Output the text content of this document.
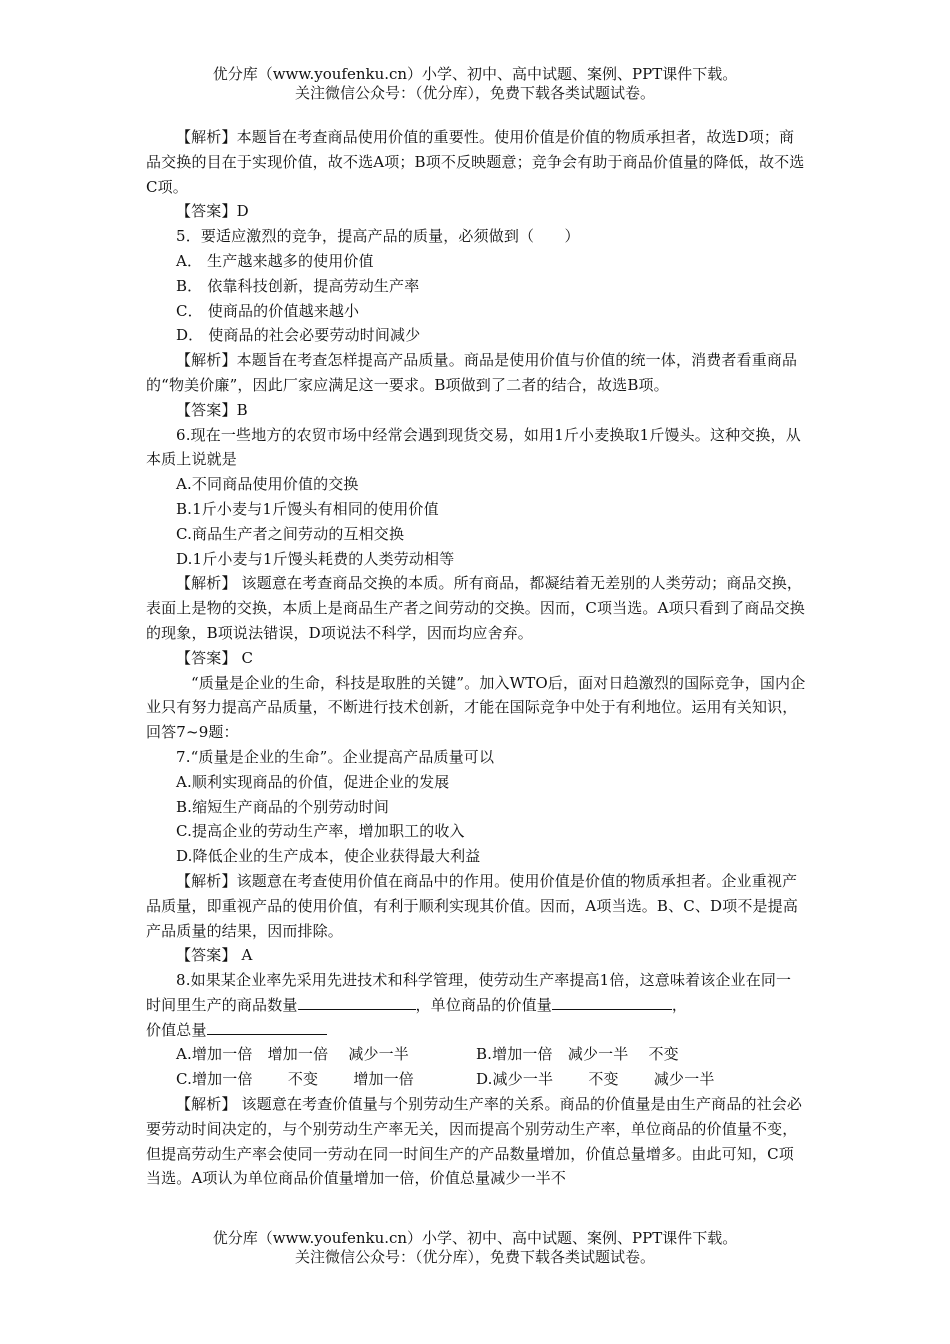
优分库（www.youfenku.cn）小学、初中、高中试题、案例、PPT课件下载。
关注微信公众号：（优分库），免费下载各类试题试卷。

【解析】本题旨在考查商品使用价值的重要性。使用价值是价值的物质承担者，故选D项；商品交换的目在于实现价值，故不选A项；B项不反映题意；竞争会有助于商品价值量的降低，故不选C项。

【答案】D

5．要适应激烈的竞争，提高产品的质量，必须做到（　　）

A． 生产越来越多的使用价值

B． 依靠科技创新，提高劳动生产率

C． 使商品的价值越来越小

D． 使商品的社会必要劳动时间减少

【解析】本题旨在考查怎样提高产品质量。商品是使用价值与价值的统一体，消费者看重商品的“物美价廉”，因此厂家应满足这一要求。B项做到了二者的结合，故选B项。

【答案】B

6.现在一些地方的农贸市场中经常会遇到现货交易，如用1斤小麦换取1斤馒头。这种交换，从本质上说就是

A.不同商品使用价值的交换

B.1斤小麦与1斤馒头有相同的使用价值

C.商品生产者之间劳动的互相交换

D.1斤小麦与1斤馒头耗费的人类劳动相等

【解析】 该题意在考查商品交换的本质。所有商品，都凝结着无差别的人类劳动；商品交换，表面上是物的交换，本质上是商品生产者之间劳动的交换。因而，C项当选。A项只看到了商品交换的现象，B项说法错误，D项说法不科学，因而均应舍弃。

【答案】 C

“质量是企业的生命，科技是取胜的关键”。加入WTO后，面对日趋激烈的国际竞争，国内企业只有努力提高产品质量，不断进行技术创新，才能在国际竞争中处于有利地位。运用有关知识，回答7~9题：

7.“质量是企业的生命”。企业提高产品质量可以

A.顺利实现商品的价值，促进企业的发展

B.缩短生产商品的个别劳动时间

C.提高企业的劳动生产率，增加职工的收入

D.降低企业的生产成本，使企业获得最大利益

【解析】该题意在考查使用价值在商品中的作用。使用价值是价值的物质承担者。企业重视产品质量，即重视产品的使用价值，有利于顺利实现其价值。因而，A项当选。B、C、D项不是提高产品质量的结果，因而排除。

【答案】 A

8.如果某企业率先采用先进技术和科学管理，使劳动生产率提高1倍，这意味着该企业在同一时间里生产的商品数量	，单位商品的价值量	，
价值总量

A.增加一倍　增加一倍　 减少一半	B.增加一倍　减少一半　 不变

C.增加一倍　　 不变　　 增加一倍	D.减少一半　　 不变　　 减少一半

【解析】 该题意在考查价值量与个别劳动生产率的关系。商品的价值量是由生产商品的社会必要劳动时间决定的，与个别劳动生产率无关，因而提高个别劳动生产率，单位商品的价值量不变，但提高劳动生产率会使同一劳动在同一时间生产的产品数量增加，价值总量增多。由此可知，C项当选。A项认为单位商品价值量增加一倍，价值总量减少一半不

优分库（www.youfenku.cn）小学、初中、高中试题、案例、PPT课件下载。
关注微信公众号：（优分库），免费下载各类试题试卷。
